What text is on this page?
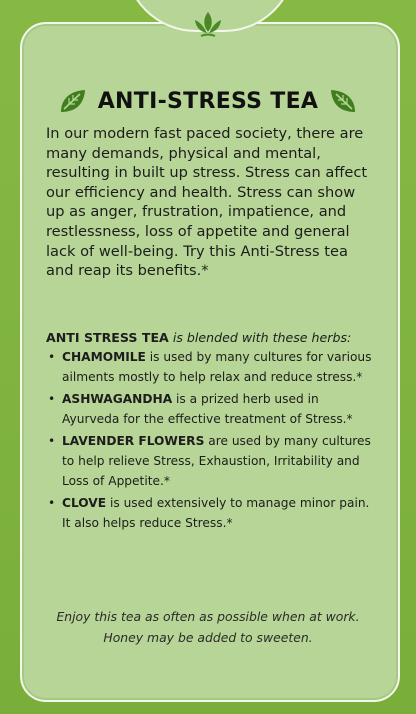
ANTI-STRESS TEA
In our modern fast paced society, there are many demands, physical and mental, resulting in built up stress. Stress can affect our efficiency and health. Stress can show up as anger, frustration, impatience, and restlessness, loss of appetite and general lack of well-being. Try this Anti-Stress tea and reap its benefits.*
ANTI STRESS TEA is blended with these herbs:
• CHAMOMILE is used by many cultures for various ailments mostly to help relax and reduce stress.*
• ASHWAGANDHA is a prized herb used in Ayurveda for the effective treatment of Stress.*
• LAVENDER FLOWERS are used by many cultures to help relieve Stress, Exhaustion, Irritability and Loss of Appetite.*
• CLOVE is used extensively to manage minor pain. It also helps reduce Stress.*
Enjoy this tea as often as possible when at work.
Honey may be added to sweeten.
